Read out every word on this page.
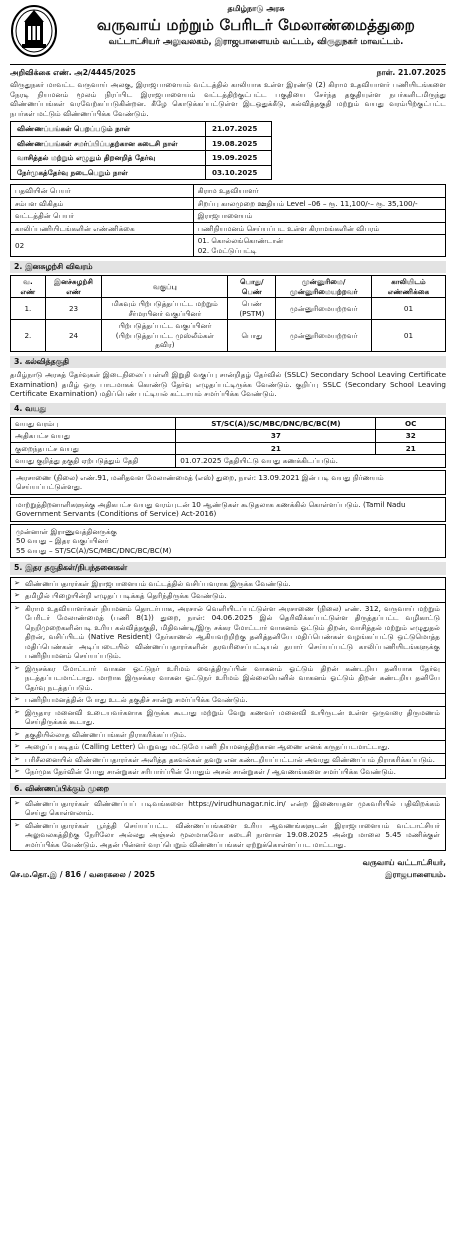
தமிழ்நாடு அரசு
வருவாய் மற்றும் பேரிடர் மேலாண்மைத்துறை
வட்டாட்சியர் அலுவலகம், இராஜபாளையம் வட்டம், விருதுநகர் மாவட்டம்.
அறிவிக்கை எண். அ2/4445/2025	நாள். 21.07.2025

விருதுநகர் மாவட்ட வருவாய் அலகு, இராஜபாளையம் வட்டத்தில் காலியாக உள்ள இரண்டு (2) கிராம உதவியாளர் பணியிடங்களை நேரடி நியமனம் மூலம் நிரப்பிட இராஜபாளையம் வட்டத்திற்குட்பட்ட பகுதியை சேர்ந்த தகுதியுள்ள நபர்களிடமிருந்து விண்ணப்பங்கள் வரவேற்கப்படுகின்றன. கீழே கொடுக்கப்பட்டுள்ள இடஒதுக்கீடு, கல்வித்தகுதி மற்றும் வயது வரம்பிற்குட்பட்ட நபர்கள் மட்டும் விண்ணப்பிக்க வேண்டும்.

விண்ணப்பங்கள் பெறப்படும் நாள்	21.07.2025
விண்ணப்பங்கள் சமர்ப்பிப்பதற்கான கடைசி நாள்	19.08.2025
வாசித்தல் மற்றும் எழுதும் திறனறித் தேர்வு	19.09.2025
நேர்முகத்தேர்வு நடைபெறும் நாள்	03.10.2025
பதவியின் பெயர்	கிராம உதவியாளர்
சம்பள விகிதம்	சிறப்பு காலமுறை ஊதியம் Level –06 – ரூ. 11,100/-– ரூ. 35,100/-
வட்டத்தின் பெயர்	இராஜபாளையம்
காலிப்பணியிடங்களின் எண்ணிக்கை	பணிநியமனம் செய்யப்பட உள்ள கிராமங்களின் விபரம்
02	01. கொல்லங்கொண்டான்
02. மேட்டுப்பட்டி
2. இனசுழற்சி விவரம்
வ. எண்	இனச்சுழற்சி எண்	வகுப்பு	பொது/ பெண்	முன்னுரிமை/ முன்னுரிமையற்றவர்	காலியிடம் எண்ணிக்கை
1.	23	மிகவும் பிற்படுத்தப்பட்ட மற்றும் சீர்மரபினர் வகுப்பினர்	பெண் (PSTM)	முன்னுரிமையற்றவர்	01
2.	24	பிற்படுத்தப்பட்ட வகுப்பினர் (பிற்படுத்தப்பட்ட முஸ்லீம்கள் தவிர)	பொது	முன்னுரிமையற்றவர்	01
3. கல்வித்தகுதி

தமிழ்நாடு அரசுத் தேர்வுகள் இடைநிலைப் பள்ளி இறுதி வகுப்பு சான்றிதழ் தேர்வில் (SSLC) Secondary School Leaving Certificate Examination) தமிழ் ஒரு பாடமாகக் கொண்டு தேர்வு எழுதப்பட்டிருக்க வேண்டும். குறிப்பு SSLC (Secondary School Leaving Certificate Examination) மதிப்பெண் பட்டியல் கட்டாயம் சமர்ப்பிக்க வேண்டும்.

4. வயது
வயது வரம்பு	ST/SC(A)/SC/MBC/DNC/BC/BC(M)	OC
அதிகபட்ச வயது	37	32
குறைந்தபட்ச வயது	21	21
வயது குறித்து தகுதி ஏற்படுத்தும் தேதி	01.07.2025 தேதியிட்டு வயது கணக்கிடப்படும்.	
அரசாணை (நிலை) எண்.91, மனிதவள மேலாண்மைத் (எஸ்) துறை, நாள்: 13.09.2021 இன் படி வயது நிர்ணயம் செய்யப்பட்டுள்ளது.
மாற்றுத்திறனாளிகளுக்கு அதிகபட்ச வயது வரம்புடன் 10 ஆண்டுகள் கூடுதலாக கணக்கில் கொள்ளப்படும். (Tamil Nadu Government Servants (Conditions of Service) Act-2016)
முன்னாள் இராணுவத்தினருக்கு
50 வயது – இதர வகுப்பினர்
55 வயது – ST/SC(A)/SC/MBC/DNC/BC/BC(M)
5. இதர தகுதிகள்/நிபந்தனைகள்
➢ விண்ணப்பதாரர்கள் இராஜபாளையம் வட்டத்தில் வசிப்பவராக இருக்க வேண்டும்.
➢ தமிழில் பிழையின்றி எழுதப் படிக்கத் தெரிந்திருக்க வேண்டும்.
➢ கிராம உதவியாளர்கள் நியமனம் தொடர்பாக, அரசால் வெளியிடப்பட்டுள்ள அரசாணை (நிலை) எண். 312, வருவாய் மற்றும் பேரிடர் மேலாண்மைத் (பணி 8(1)) துறை, நாள்: 04.06.2025 இல் தெரிவிக்கப்பட்டுள்ள திருத்தப்பட்ட வழிகாட்டு நெறிமுறைகளின்படி உரிய கல்வித்தகுதி, மிதிவண்டி/இரு சக்கர மோட்டார் வாகனம் ஓட்டும் திறன், வாசித்தல் மற்றும் எழுதுதல் திறன், வசிப்பிடம் (Native Resident) நேர்காணல் ஆகியவற்றிற்கு தனித்தனியே மதிப்பெண்கள் வழங்கப்பட்டு ஒட்டுமொத்த மதிப்பெண்கள் அடிப்படையில் விண்ணப்பதாரர்களின் தரவரிசைப்பட்டியல் தயார் செய்யப்பட்டு காலிப்பணியிடங்களுக்கு பணிநியமனம் செய்யப்படும்.
➢ இருசக்கர மோட்டார் வாகன ஓட்டுநர் உரிமம் வைத்திருப்பின் வாகனம் ஓட்டும் திறன் கண்டறிய தனியாக தேர்வு நடத்தப்படமாட்டாது. மாறாக இருசக்கர வாகன ஓட்டுநர் உரிமம் இல்லையெனில் வாகனம் ஓட்டும் திறன் கண்டறிய தனியே தேர்வு நடத்தப்படும்.
➢ பணிநியமனத்தின் போது உடல் தகுதிச் சான்று சமர்ப்பிக்க வேண்டும்.
➢ இருதார மனைவி உடையவர்களாக இருக்க கூடாது மற்றும் வேறு கணவர் மனைவி உயிருடன் உள்ள ஒருவரை திருமணம் செய்திருக்கக் கூடாது.
➢ தகுதியில்லாத விண்ணப்பங்கள் நிராகரிக்கப்படும்.
➢ அழைப்பு கடிதம் (Calling Letter) பெறுவது மட்டுமே பணி நியமனத்திற்கான ஆணை எனக் கருதப்படமாட்டாது.
➢ பரிசீலனையில் விண்ணப்பதாரர்கள் அளித்த தகவல்கள் தவறு என கண்டறியப்பட்டால் அவரது விண்ணப்பம் நிராகரிக்கப்படும்.
➢ நேர்முக தேர்வின் போது சான்றுகள் சரிபார்ப்பின் போதும் அசல் சான்றுகள் / ஆவணங்களை சமர்ப்பிக்க வேண்டும்.
6. விண்ணப்பிக்கும் முறை
➢ விண்ணப்பதாரர்கள் விண்ணப்பப் படிவங்களை https://virudhunagar.nic.in/ என்ற இணையதள முகவரியில் பதிவிறக்கம் செய்து கொள்ளலாம்.
➢ விண்ணப்பதாரர்கள் பூர்த்தி செய்யப்பட்ட விண்ணப்பங்களை உரிய ஆவணங்களுடன் இராஜபாளையம் வட்டாட்சியர் அலுவலகத்திற்கு நேரிலோ அல்லது அஞ்சல் மூலமாகவோ கடைசி நாளான 19.08.2025 அன்று மாலை 5.45 மணிக்குள் சமர்ப்பிக்க வேண்டும். அதன் பின்னர் வரப்பெறும் விண்ணப்பங்கள் ஏற்றுக்கொள்ளப்பட மாட்டாது.
செ.ம.தொ.இ / 816 / வரைகலை / 2025
வருவாய் வட்டாட்சியர்,
இராஜபாளையம்.
